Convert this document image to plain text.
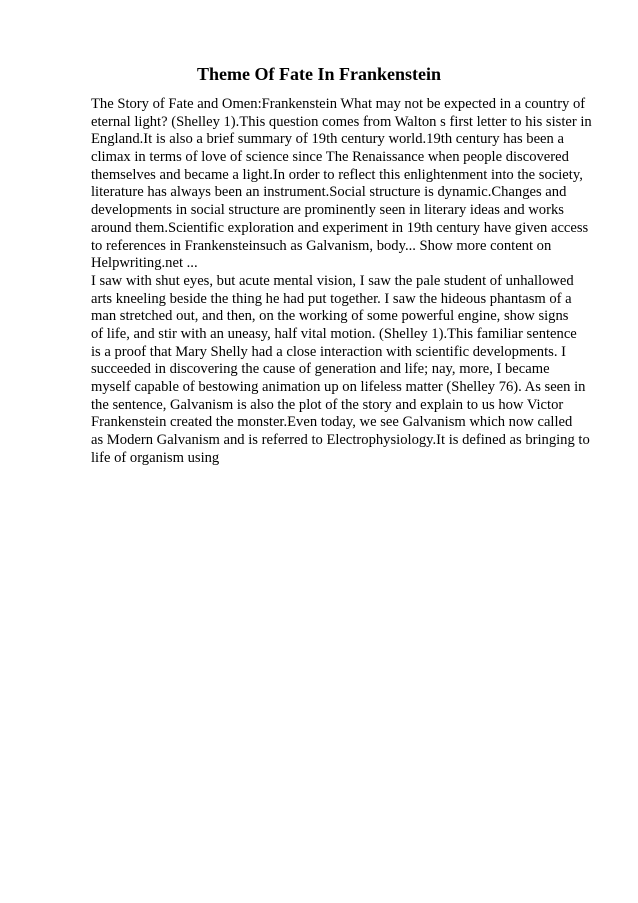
Theme Of Fate In Frankenstein
The Story of Fate and Omen:Frankenstein What may not be expected in a country of
eternal light? (Shelley 1).This question comes from Walton s first letter to his sister in
England.It is also a brief summary of 19th century world.19th century has been a
climax in terms of love of science since The Renaissance when people discovered
themselves and became a light.In order to reflect this enlightenment into the society,
literature has always been an instrument.Social structure is dynamic.Changes and
developments in social structure are prominently seen in literary ideas and works
around them.Scientific exploration and experiment in 19th century have given access
to references in Frankensteinsuch as Galvanism, body... Show more content on
Helpwriting.net ...
I saw with shut eyes, but acute mental vision, I saw the pale student of unhallowed
arts kneeling beside the thing he had put together. I saw the hideous phantasm of a
man stretched out, and then, on the working of some powerful engine, show signs
of life, and stir with an uneasy, half vital motion. (Shelley 1).This familiar sentence
is a proof that Mary Shelly had a close interaction with scientific developments. I
succeeded in discovering the cause of generation and life; nay, more, I became
myself capable of bestowing animation up on lifeless matter (Shelley 76). As seen in
the sentence, Galvanism is also the plot of the story and explain to us how Victor
Frankenstein created the monster.Even today, we see Galvanism which now called
as Modern Galvanism and is referred to Electrophysiology.It is defined as bringing to
life of organism using
